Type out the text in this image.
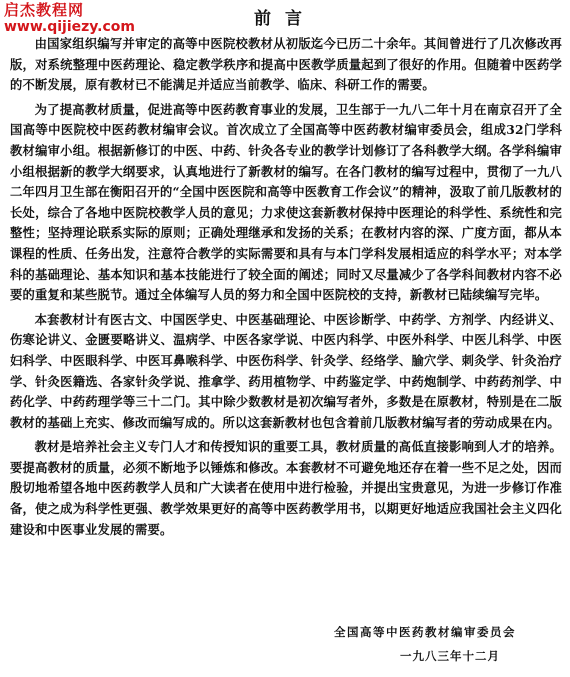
启杰教程网
www.qijiezy.com	前言

由国家组织编写并审定的高等中医院校教材从初版迄今已历二十余年。其间曾进行了几次修改再版，对系统整理中医药理论、稳定教学秩序和提高中医教学质量起到了很好的作用。但随着中医药学的不断发展，原有教材已不能满足并适应当前教学、临床、科研工作的需要。

为了提高教材质量，促进高等中医药教育事业的发展，卫生部于一九八二年十月在南京召开了全国高等中医院校中医药教材编审会议。首次成立了全国高等中医药教材编审委员会，组成32门学科教材编审小组。根据新修订的中医、中药、针灸各专业的教学计划修订了各科教学大纲。各学科编审小组根据新的教学大纲要求，认真地进行了新教材的编写。在各门教材的编写过程中，贯彻了一九八二年四月卫生部在衡阳召开的“全国中医医院和高等中医教育工作会议”的精神，汲取了前几版教材的长处，综合了各地中医院校教学人员的意见；力求使这套新教材保持中医理论的科学性、系统性和完整性；坚持理论联系实际的原则；正确处理继承和发扬的关系；在教材内容的深、广度方面，都从本课程的性质、任务出发，注意符合教学的实际需要和具有与本门学科发展相适应的科学水平；对本学科的基础理论、基本知识和基本技能进行了较全面的阐述；同时又尽量减少了各学科间教材内容不必要的重复和某些脱节。通过全体编写人员的努力和全国中医院校的支持，新教材已陆续编写完毕。

本套教材计有医古文、中国医学史、中医基础理论、中医诊断学、中药学、方剂学、内经讲义、伤寒论讲义、金匮要略讲义、温病学、中医各家学说、中医内科学、中医外科学、中医儿科学、中医妇科学、中医眼科学、中医耳鼻喉科学、中医伤科学、针灸学、经络学、腧穴学、刺灸学、针灸治疗学、针灸医籍选、各家针灸学说、推拿学、药用植物学、中药鉴定学、中药炮制学、中药药剂学、中药化学、中药药理学等三十二门。其中除少数教材是初次编写者外，多数是在原教材，特别是在二版教材的基础上充实、修改而编写成的。所以这套新教材也包含着前几版教材编写者的劳动成果在内。

教材是培养社会主义专门人才和传授知识的重要工具，教材质量的高低直接影响到人才的培养。要提高教材的质量，必须不断地予以锤炼和修改。本套教材不可避免地还存在着一些不足之处，因而殷切地希望各地中医药教学人员和广大读者在使用中进行检验，并提出宝贵意见，为进一步修订作准备，使之成为科学性更强、教学效果更好的高等中医药教学用书，以期更好地适应我国社会主义四化建设和中医事业发展的需要。

全国高等中医药教材编审委员会
一九八三年十二月
